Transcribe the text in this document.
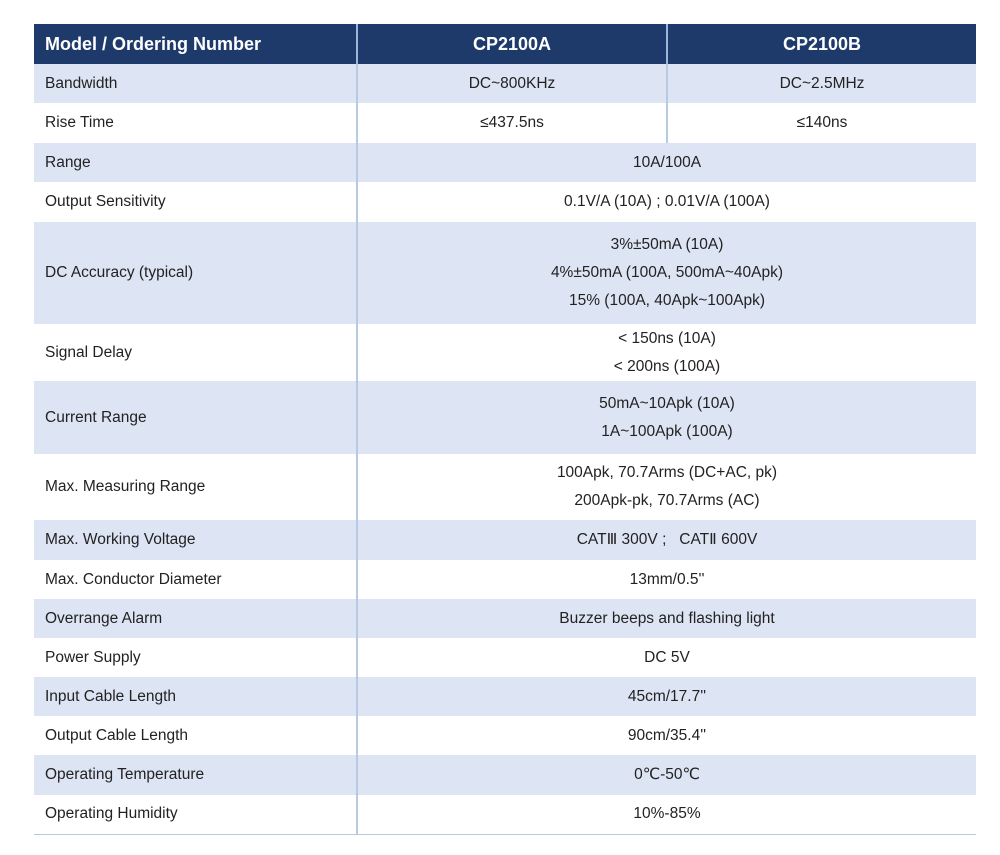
Model / Ordering Number	CP2100A	CP2100B
Bandwidth	DC~800KHz	DC~2.5MHz
Rise Time	≤437.5ns	≤140ns
Range	10A/100A	
Output Sensitivity	0.1V/A (10A) ; 0.01V/A (100A)	
DC Accuracy (typical)	3%±50mA (10A)
4%±50mA (100A, 500mA~40Apk)
15% (100A, 40Apk~100Apk)	

Signal Delay	< 150ns (10A)
< 200ns (100A)	

Current Range	50mA~10Apk (10A)
1A~100Apk (100A)	

Max. Measuring Range	100Apk, 70.7Arms (DC+AC, pk)
200Apk-pk, 70.7Arms (AC)	

Max. Working Voltage	CATⅢ 300V ;   CATⅡ 600V	
Max. Conductor Diameter	13mm/0.5''	
Overrange Alarm	Buzzer beeps and flashing light	
Power Supply	DC 5V	
Input Cable Length	45cm/17.7''	
Output Cable Length	90cm/35.4''	
Operating Temperature	0℃-50℃	
Operating Humidity	10%-85%	
